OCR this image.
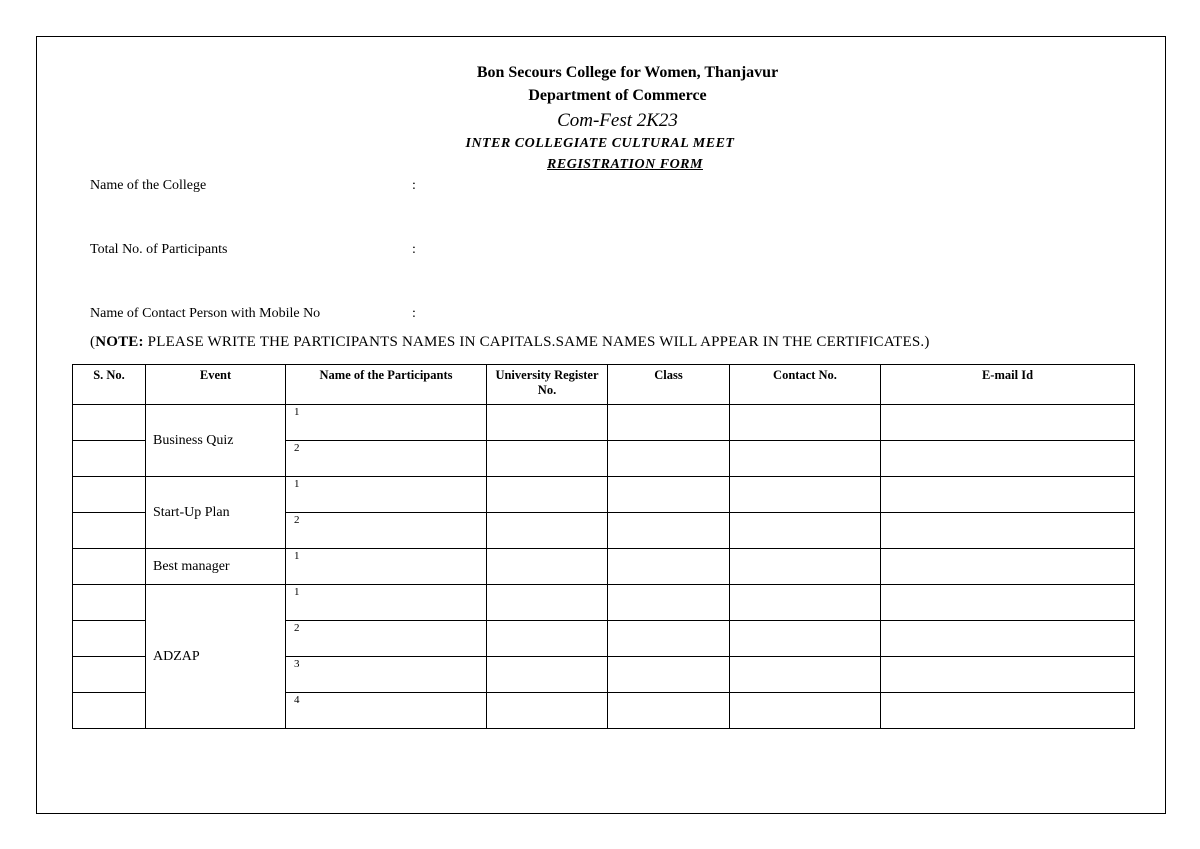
Bon Secours College for Women, Thanjavur
Department of Commerce
Com-Fest 2K23
INTER COLLEGIATE CULTURAL MEET
REGISTRATION FORM
Name of the College	:
Total No. of Participants	:
Name of Contact Person with Mobile No	:
(NOTE: PLEASE WRITE THE PARTICIPANTS NAMES IN CAPITALS.SAME NAMES WILL APPEAR IN THE CERTIFICATES.)
S. No.	Event	Name of the Participants	University Register No.	Class	Contact No.	E-mail Id
	Business Quiz	1				

		2				

	Start-Up Plan	1				

		2				

	Best manager	1				

	ADZAP	1				

		2				

		3				

		4				
